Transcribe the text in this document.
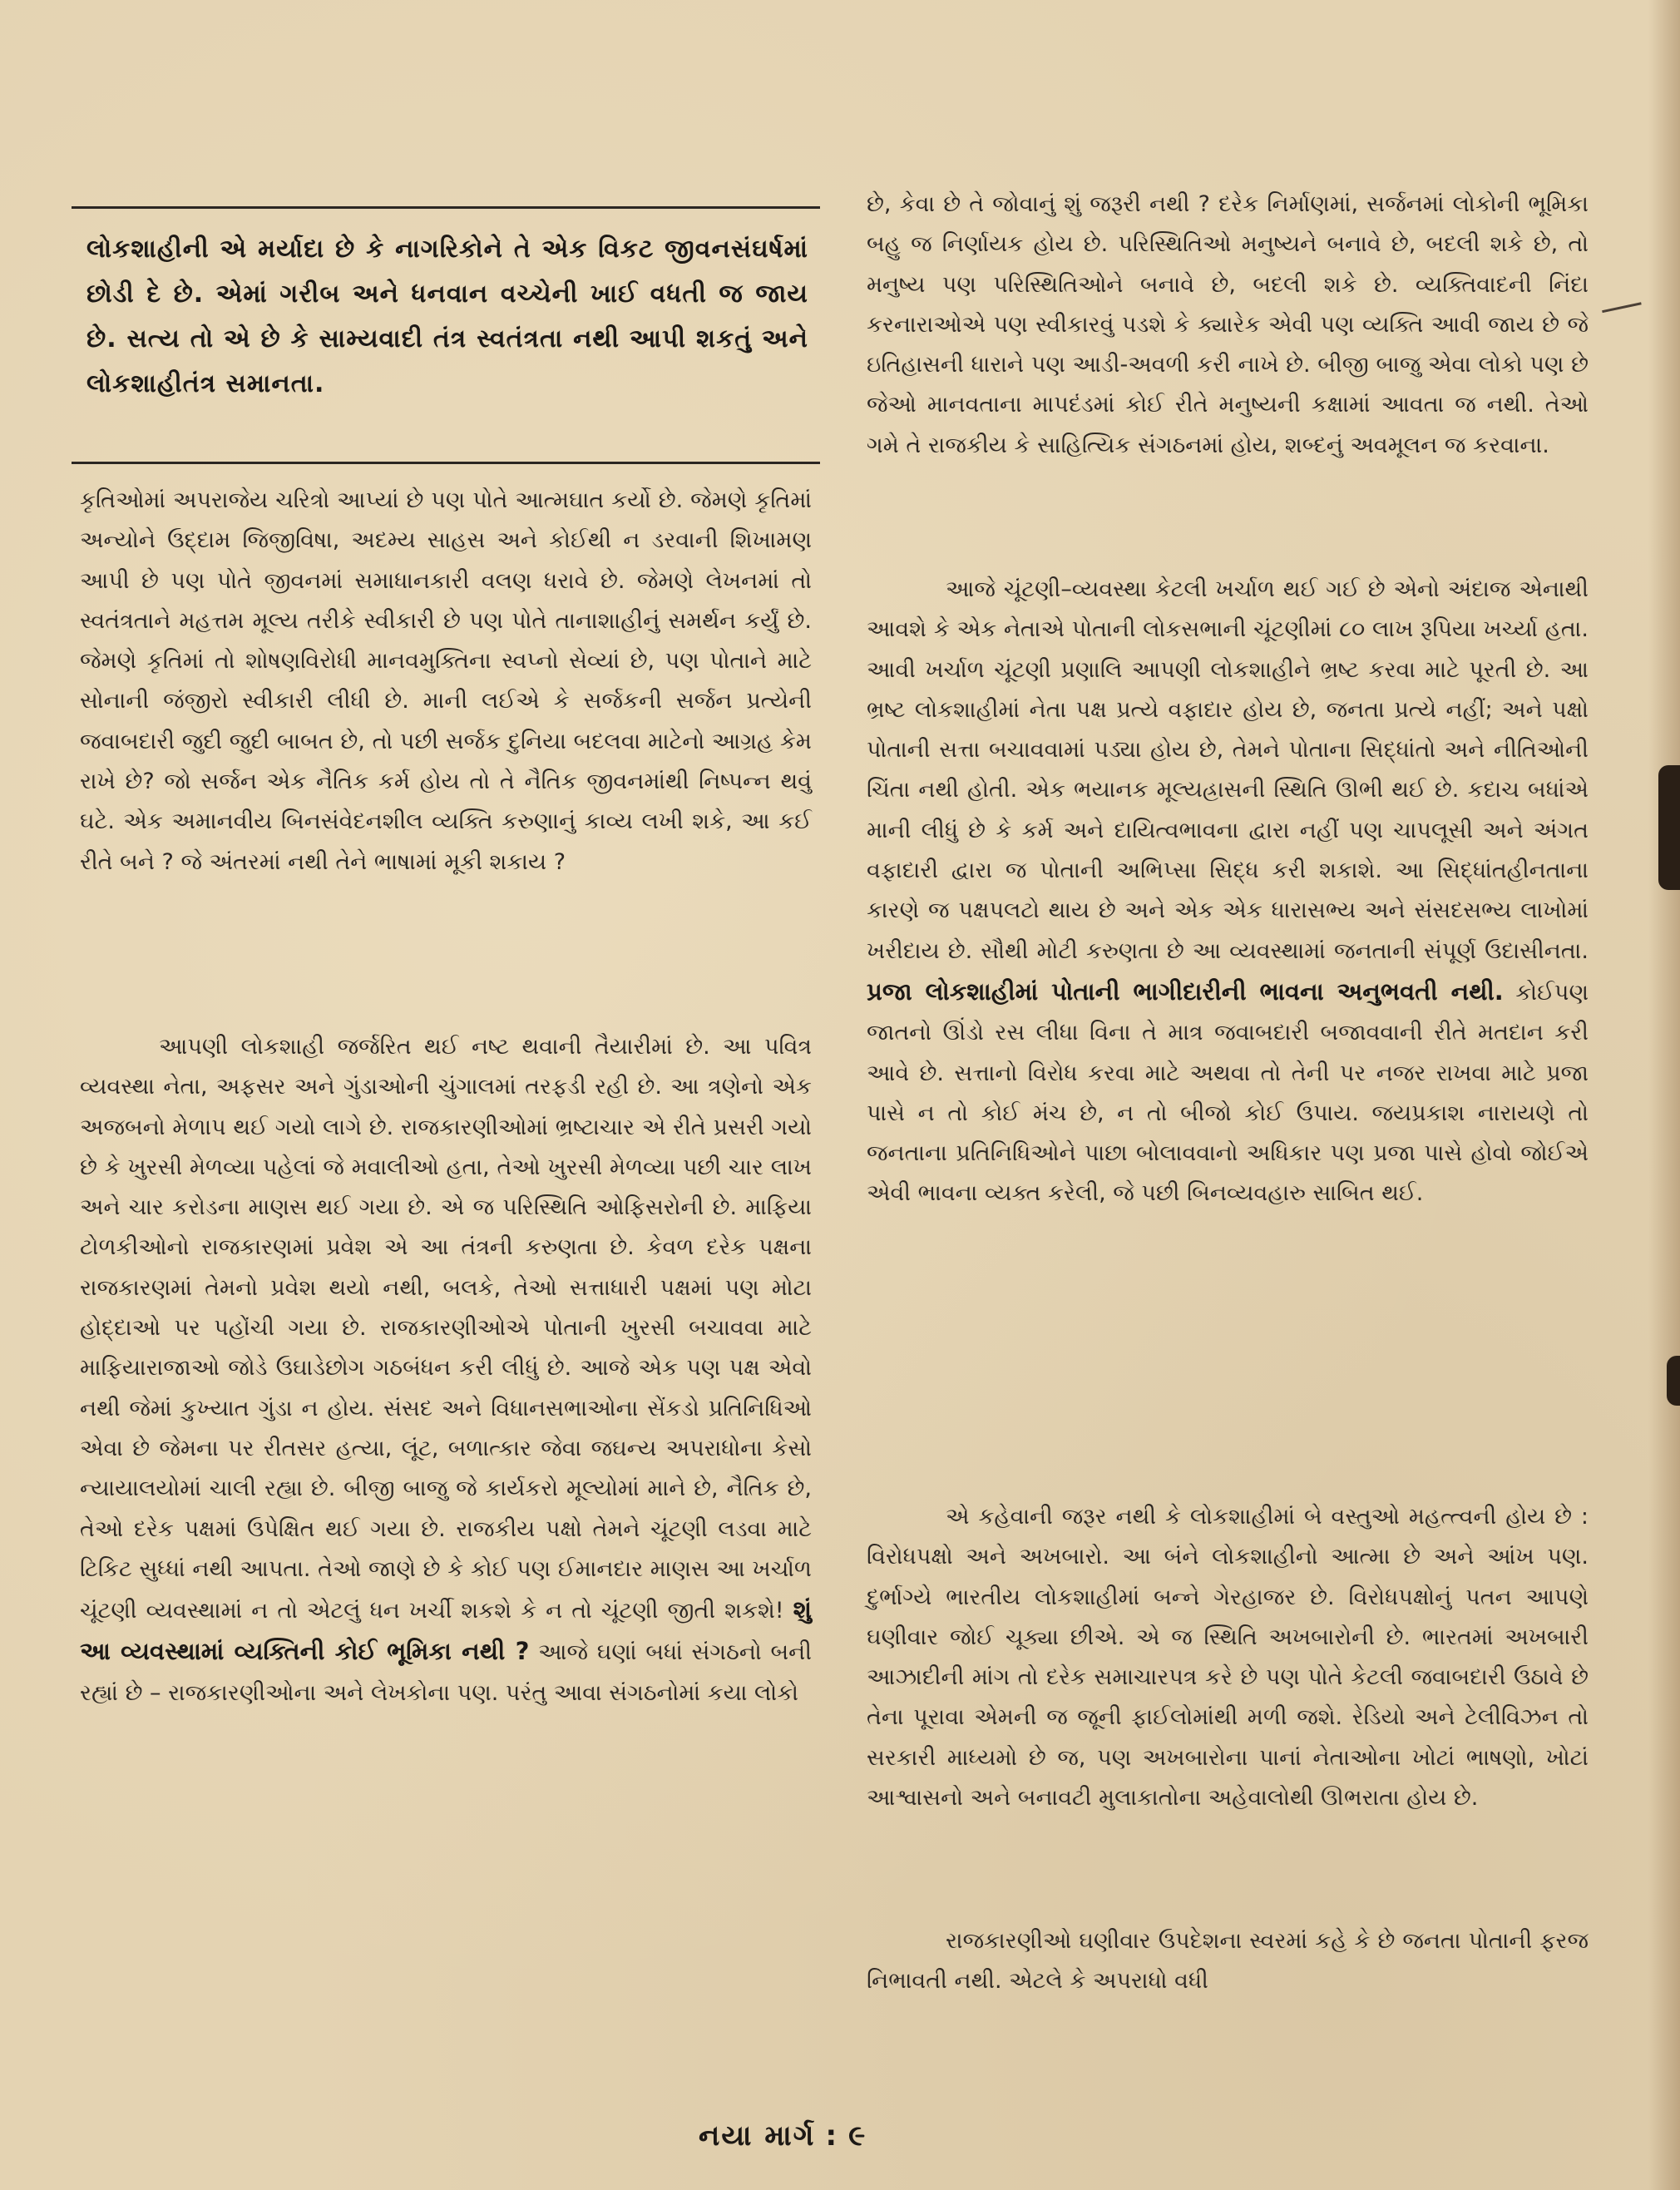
લોકશાહીની એ મર્યાદા છે કે નાગરિકોને તે એક વિકટ જીવનસંઘર્ષમાં છોડી દે છે. એમાં ગરીબ અને ધનવાન વચ્ચેની ખાઈ વધતી જ જાય છે. સત્ય તો એ છે કે સામ્યવાદી તંત્ર સ્વતંત્રતા નથી આપી શકતું અને લોકશાહીતંત્ર સમાનતા.

કૃતિઓમાં અપરાજેય ચરિત્રો આપ્યાં છે પણ પોતે આત્મઘાત કર્યો છે. જેમણે કૃતિમાં અન્યોને ઉદ્દામ જિજીવિષા, અદમ્ય સાહસ અને કોઈથી ન ડરવાની શિખામણ આપી છે પણ પોતે જીવનમાં સમાધાનકારી વલણ ધરાવે છે. જેમણે લેખનમાં તો સ્વતંત્રતાને મહત્તમ મૂલ્ય તરીકે સ્વીકારી છે પણ પોતે તાનાશાહીનું સમર્થન કર્યું છે. જેમણે કૃતિમાં તો શોષણવિરોધી માનવમુક્તિના સ્વપ્નો સેવ્યાં છે, પણ પોતાને માટે સોનાની જંજીરો સ્વીકારી લીધી છે. માની લઈએ કે સર્જકની સર્જન પ્રત્યેની જવાબદારી જુદી જુદી બાબત છે, તો પછી સર્જક દુનિયા બદલવા માટેનો આગ્રહ કેમ રાખે છે? જો સર્જન એક નૈતિક કર્મ હોય તો તે નૈતિક જીવનમાંથી નિષ્પન્ન થવું ઘટે. એક અમાનવીય બિનસંવેદનશીલ વ્યક્તિ કરુણાનું કાવ્ય લખી શકે, આ કઈ રીતે બને ? જે અંતરમાં નથી તેને ભાષામાં મૂકી શકાય ?

આપણી લોકશાહી જર્જરિત થઈ નષ્ટ થવાની તૈયારીમાં છે. આ પવિત્ર વ્યવસ્થા નેતા, અફસર અને ગુંડાઓની ચુંગાલમાં તરફડી રહી છે. આ ત્રણેનો એક અજબનો મેળાપ થઈ ગયો લાગે છે. રાજકારણીઓમાં ભ્રષ્ટાચાર એ રીતે પ્રસરી ગયો છે કે ખુરસી મેળવ્યા પહેલાં જે મવાલીઓ હતા, તેઓ ખુરસી મેળવ્યા પછી ચાર લાખ અને ચાર કરોડના માણસ થઈ ગયા છે. એ જ પરિસ્થિતિ ઓફિસરોની છે. માફિયા ટોળકીઓનો રાજકારણમાં પ્રવેશ એ આ તંત્રની કરુણતા છે. કેવળ દરેક પક્ષના રાજકારણમાં તેમનો પ્રવેશ થયો નથી, બલકે, તેઓ સત્તાધારી પક્ષમાં પણ મોટા હોદ્દાઓ પર પહોંચી ગયા છે. રાજકારણીઓએ પોતાની ખુરસી બચાવવા માટે માફિયારાજાઓ જોડે ઉઘાડેછોગ ગઠબંધન કરી લીધું છે. આજે એક પણ પક્ષ એવો નથી જેમાં કુખ્યાત ગુંડા ન હોય. સંસદ અને વિધાનસભાઓના સેંકડો પ્રતિનિધિઓ એવા છે જેમના પર રીતસર હત્યા, લૂંટ, બળાત્કાર જેવા જઘન્ય અપરાધોના કેસો ન્યાયાલયોમાં ચાલી રહ્યા છે. બીજી બાજુ જે કાર્યકરો મૂલ્યોમાં માને છે, નૈતિક છે, તેઓ દરેક પક્ષમાં ઉપેક્ષિત થઈ ગયા છે. રાજકીય પક્ષો તેમને ચૂંટણી લડવા માટે ટિકિટ સુધ્ધાં નથી આપતા. તેઓ જાણે છે કે કોઈ પણ ઈમાનદાર માણસ આ ખર્ચાળ ચૂંટણી વ્યવસ્થામાં ન તો એટલું ધન ખર્ચી શકશે કે ન તો ચૂંટણી જીતી શકશે! શું આ વ્યવસ્થામાં વ્યક્તિની કોઈ ભૂમિકા નથી ? આજે ઘણાં બધાં સંગઠનો બની રહ્યાં છે – રાજકારણીઓના અને લેખકોના પણ. પરંતુ આવા સંગઠનોમાં કયા લોકો

છે, કેવા છે તે જોવાનું શું જરૂરી નથી ? દરેક નિર્માણમાં, સર્જનમાં લોકોની ભૂમિકા બહુ જ નિર્ણાયક હોય છે. પરિસ્થિતિઓ મનુષ્યને બનાવે છે, બદલી શકે છે, તો મનુષ્ય પણ પરિસ્થિતિઓને બનાવે છે, બદલી શકે છે. વ્યક્તિવાદની નિંદા કરનારાઓએ પણ સ્વીકારવું પડશે કે ક્યારેક એવી પણ વ્યક્તિ આવી જાય છે જે ઇતિહાસની ધારાને પણ આડી-અવળી કરી નાખે છે. બીજી બાજુ એવા લોકો પણ છે જેઓ માનવતાના માપદંડમાં કોઈ રીતે મનુષ્યની કક્ષામાં આવતા જ નથી. તેઓ ગમે તે રાજકીય કે સાહિત્યિક સંગઠનમાં હોય, શબ્દનું અવમૂલન જ કરવાના.

આજે ચૂંટણી–વ્યવસ્થા કેટલી ખર્ચાળ થઈ ગઈ છે એનો અંદાજ એનાથી આવશે કે એક નેતાએ પોતાની લોકસભાની ચૂંટણીમાં ૮૦ લાખ રૂપિયા ખર્ચ્યા હતા. આવી ખર્ચાળ ચૂંટણી પ્રણાલિ આપણી લોકશાહીને ભ્રષ્ટ કરવા માટે પૂરતી છે. આ ભ્રષ્ટ લોકશાહીમાં નેતા પક્ષ પ્રત્યે વફાદાર હોય છે, જનતા પ્રત્યે નહીં; અને પક્ષો પોતાની સત્તા બચાવવામાં પડ્યા હોય છે, તેમને પોતાના સિદ્ધાંતો અને નીતિઓની ચિંતા નથી હોતી. એક ભયાનક મૂલ્યહ્રાસની સ્થિતિ ઊભી થઈ છે. કદાચ બધાંએ માની લીધું છે કે કર્મ અને દાયિત્વભાવના દ્વારા નહીં પણ ચાપલૂસી અને અંગત વફાદારી દ્વારા જ પોતાની અભિપ્સા સિદ્ધ કરી શકાશે. આ સિદ્ધાંતહીનતાના કારણે જ પક્ષપલટો થાય છે અને એક એક ધારાસભ્ય અને સંસદસભ્ય લાખોમાં ખરીદાય છે. સૌથી મોટી કરુણતા છે આ વ્યવસ્થામાં જનતાની સંપૂર્ણ ઉદાસીનતા. પ્રજા લોકશાહીમાં પોતાની ભાગીદારીની ભાવના અનુભવતી નથી. કોઈપણ જાતનો ઊંડો રસ લીધા વિના તે માત્ર જવાબદારી બજાવવાની રીતે મતદાન કરી આવે છે. સત્તાનો વિરોધ કરવા માટે અથવા તો તેની પર નજર રાખવા માટે પ્રજા પાસે ન તો કોઈ મંચ છે, ન તો બીજો કોઈ ઉપાય. જયપ્રકાશ નારાયણે તો જનતાના પ્રતિનિધિઓને પાછા બોલાવવાનો અધિકાર પણ પ્રજા પાસે હોવો જોઈએ એવી ભાવના વ્યક્ત કરેલી, જે પછી બિનવ્યવહારુ સાબિત થઈ.

એ કહેવાની જરૂર નથી કે લોકશાહીમાં બે વસ્તુઓ મહત્ત્વની હોય છે : વિરોધપક્ષો અને અખબારો. આ બંને લોકશાહીનો આત્મા છે અને આંખ પણ. દુર્ભાગ્યે ભારતીય લોકશાહીમાં બન્ને ગેરહાજર છે. વિરોધપક્ષોનું પતન આપણે ઘણીવાર જોઈ ચૂક્યા છીએ. એ જ સ્થિતિ અખબારોની છે. ભારતમાં અખબારી આઝાદીની માંગ તો દરેક સમાચારપત્ર કરે છે પણ પોતે કેટલી જવાબદારી ઉઠાવે છે તેના પૂરાવા એમની જ જૂની ફાઈલોમાંથી મળી જશે. રેડિયો અને ટેલીવિઝન તો સરકારી માધ્યમો છે જ, પણ અખબારોના પાનાં નેતાઓના ખોટાં ભાષણો, ખોટાં આશ્વાસનો અને બનાવટી મુલાકાતોના અહેવાલોથી ઊભરાતા હોય છે.

રાજકારણીઓ ઘણીવાર ઉપદેશના સ્વરમાં કહે કે છે જનતા પોતાની ફરજ નિભાવતી નથી. એટલે કે અપરાધો વધી

નયા માર્ગ : ૯
